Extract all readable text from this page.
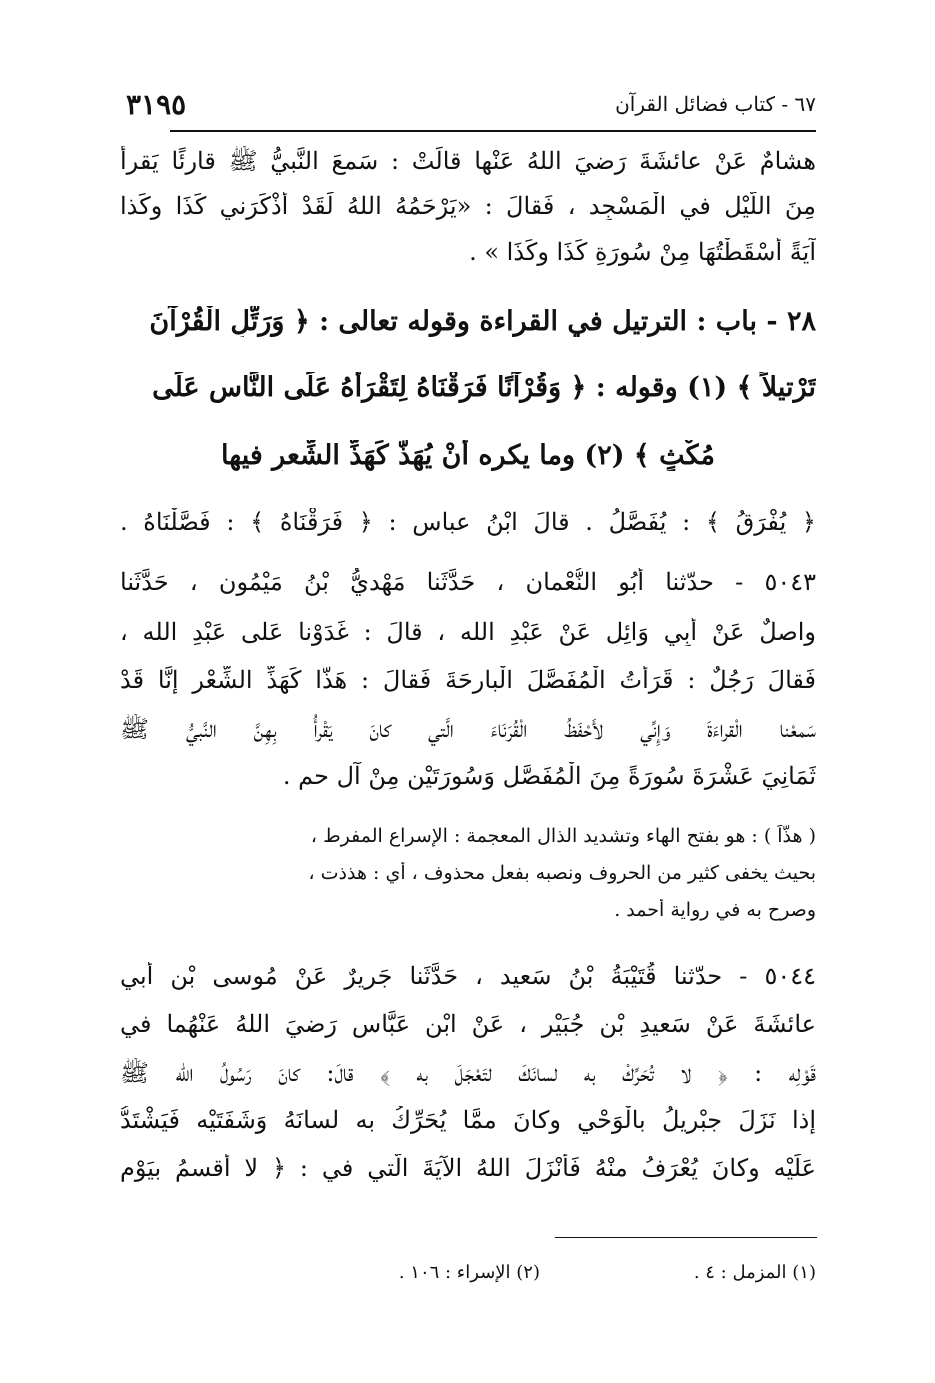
٣١٩٥	٦٧ - كتاب فضائل القرآن
هشامٌ عَنْ عائشَةَ رَضيَ اللهُ عَنْها قالَتْ : سَمعَ النَّبيُّ ﷺ قارئًا يَقرأُ
مِنَ اللَّيْلِ في الْمَسْجِد ، فَقالَ : «يَرْحَمُهُ اللهُ لَقَدْ أَذْكَرَني كَذَا وكَذا
آيَةً أَسْقَطْتُهَا مِنْ سُورَةِ كَذَا وكَذَا » .
٢٨ - باب : الترتيل في القراءة وقوله تعالى : ﴿ وَرَتِّلِ الْقُرْآنَ
تَرْتيلاً ﴾ (١) وقوله : ﴿ وَقُرْآنًا فَرَقْنَاهُ لِتَقْرَأَهُ عَلَى النَّاسِ عَلَى
مُكْثٍ ﴾ (٢) وما يكره أنْ يُهَذَّ كَهَذِّ الشِّعرِ فيها
﴿ يُفْرَقُ ﴾ : يُفَصَّلُ . قالَ ابْنُ عباسٍ : ﴿ فَرَقْنَاهُ ﴾ : فَصَّلْنَاهُ .
٥٠٤٣ - حدّثنا أَبُو النُّعْمان ، حَدَّثَنا مَهْديُّ بْنُ مَيْمُون ، حَدَّثَنا
واصلٌ عَنْ أَبِي وَائِلٍ عَنْ عَبْدِ الله ، قالَ : غَدَوْنا عَلى عَبْدِ الله ،
فَقالَ رَجُلٌ : قَرَأْتُ الْمُفَصَّلَ الْبارِحَةَ فَقالَ : هَذًّا كَهَذِّ الشِّعْرِ إِنَّا قَدْ
سَمعْنا الْقراءَةَ وَإِنِّي لأَحْفَظُ الْقُرَنَاءَ الَّتي كانَ يَقْرأُ بِهِنَّ النَّبيُّ ﷺ
ثَمَانِيَ عَشْرَةَ سُورَةً مِنَ الْمُفَصَّلِ وَسُورَتَيْنِ مِنْ آلِ حم .
( هذّاً ) : هو بفتح الهاء وتشديد الذال المعجمة : الإسراع المفرط ،
بحيث يخفى كثير من الحروف ونصبه بفعل محذوف ، أي : هذذت ،
وصرح به في رواية أحمد .
٥٠٤٤ - حدّثنا قُتَيْبَةُ بْنُ سَعيد ، حَدَّثَنا جَريرٌ عَنْ مُوسى بْنِ أَبي
عائشَةَ عَنْ سَعيدِ بْنِ جُبَيْرٍ ، عَنْ ابْنِ عَبَّاسٍ رَضيَ اللهُ عَنْهُما في
قَوْلِه : ﴿ لا تُحَرِّكْ به لسانَكَ لتَعْجَلَ به ﴾ قالَ: كانَ رَسُولُ الله ﷺ
إذا نَزَلَ جبْريلُ بالْوَحْي وكانَ ممَّا يُحَرِّكُ به لسانَهُ وَشَفَتَيْه فَيَشْتَدُّ
عَلَيْه وكانَ يُعْرَفُ منْهُ فَأَنْزَلَ اللهُ الآيَةَ الَّتي في : ﴿ لا أُقسمُ بيَوْمِ
(١) المزمل : ٤ .
(٢) الإسراء : ١٠٦ .
